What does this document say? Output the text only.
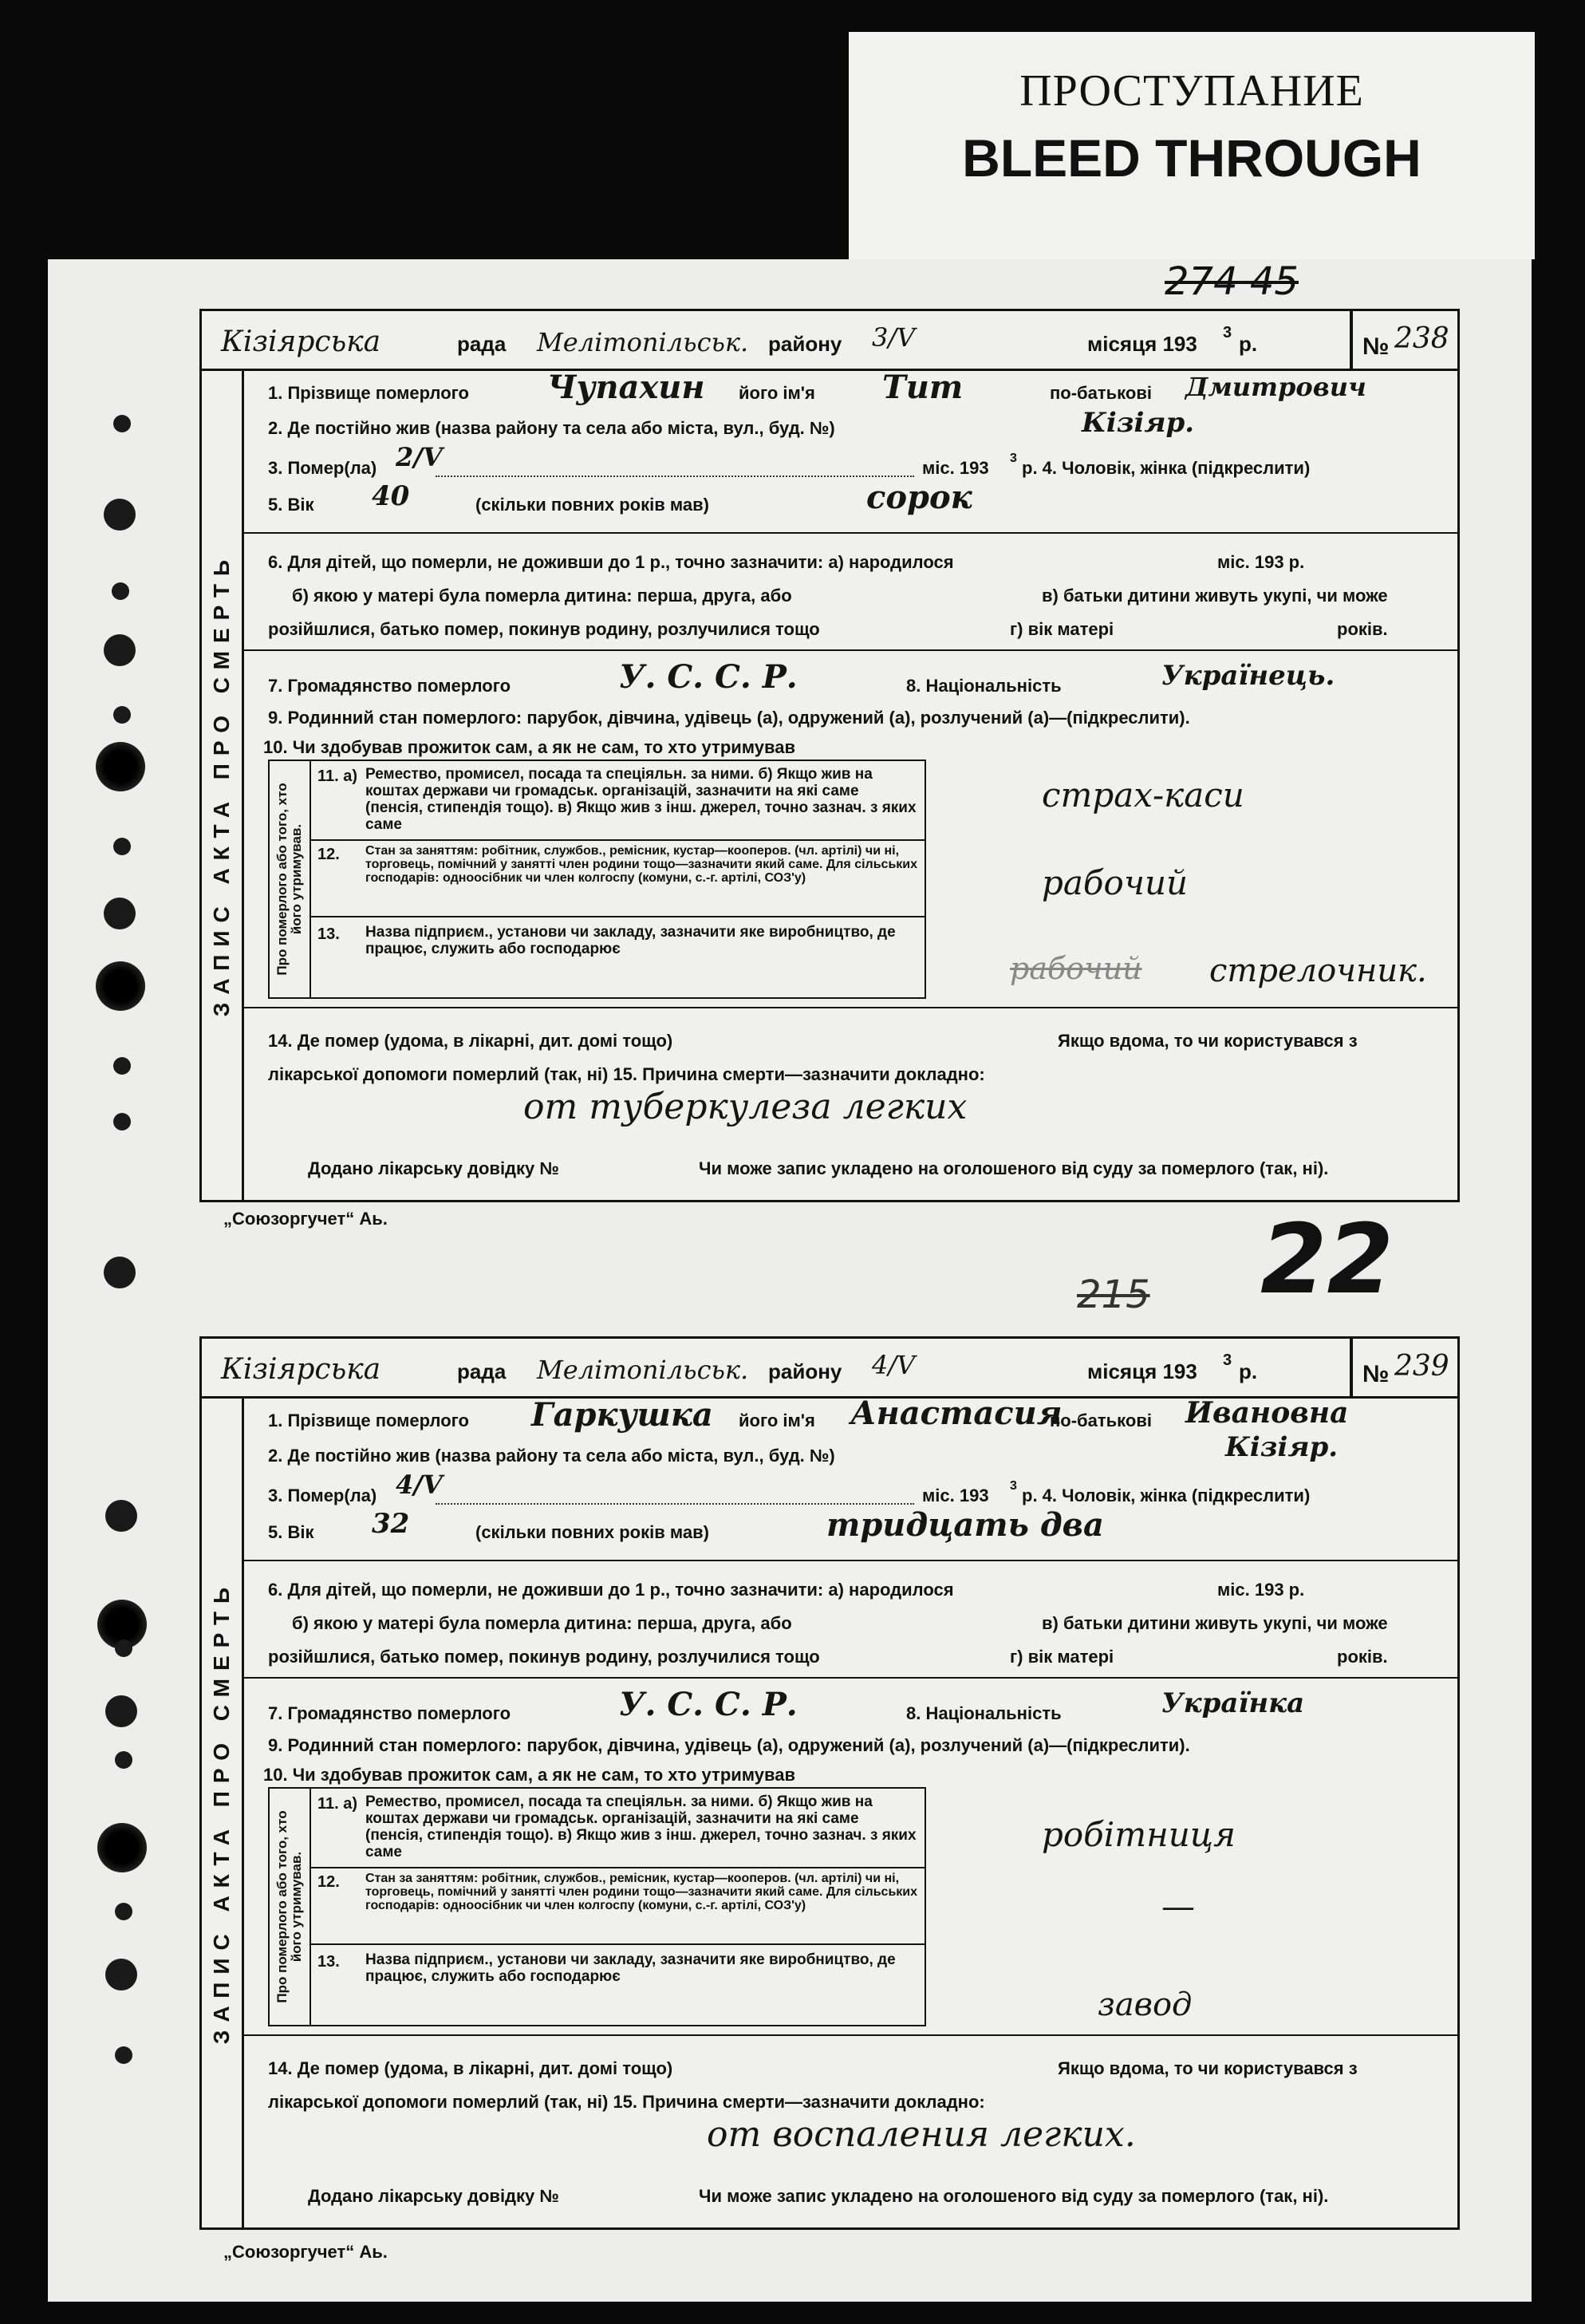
ПРОСТУПАНИЕ
BLEED THROUGH
274 45
215 22
Кізіярська	рада Мелітопільськ. району 3/V	місяця 193 3 р.	№ 238
ЗАПИС АКТА ПРО СМЕРТЬ
1. Прізвище померлого Чупахин його ім'я Тит	по-батькові Дмитрович
2. Де постійно жив (назва району та села або міста, вул., буд. №)	Кізіяр.
3. Помер(ла) 2/V	міс. 193 3 р. 4. Чоловік, жінка (підкреслити)
5. Вік 40	(скільки повних років мав)	сорок
6. Для дітей, що померли, не доживши до 1 р., точно зазначити: а) народилося	міс. 193 р.
б) якою у матері була померла дитина: перша, друга, або	в) батьки дитини живуть укупі, чи може
розійшлися, батько помер, покинув родину, розлучилися тощо	г) вік матері	років.
7. Громадянство померлого	У. С. С. Р.	8. Національність	Українець.
9. Родинний стан померлого: парубок, дівчина, удівець (а), одружений (а), розлучений (а)—(підкреслити).
10. Чи здобував прожиток сам, а як не сам, то хто утримував
Про померлого або того, хто його утримував.
11. а) Ремество, промисел, посада та спеціяльн. за ними. б) Якщо жив на коштах держави чи громадськ. організацій, зазначити на які саме (пенсія, стипендія тощо). в) Якщо жив з інш. джерел, точно зазнач. з яких саме
12. Стан за заняттям: робітник, службов., ремісник, кустар—кооперов. (чл. артілі) чи ні, торговець, помічний у занятті член родини тощо—зазначити який саме. Для сільських господарів: одноосібник чи член колгоспу (комуни, с.-г. артілі, СОЗ'у)
13. Назва підприєм., установи чи закладу, зазначити яке виробництво, де працює, служить або господарює
страх-каси
рабочий
рабочий стрелочник.
14. Де помер (удома, в лікарні, дит. домі тощо)	Якщо вдома, то чи користувався з
лікарської допомоги померлий (так, ні) 15. Причина смерти—зазначити докладно:
от туберкулеза легких
Додано лікарську довідку №	Чи може запис укладено на оголошеного від суду за померлого (так, ні).
„Союзоргучет“ Аь.
Кізіярська	рада Мелітопільськ. району 4/V	місяця 193 3 р.	№ 239
ЗАПИС АКТА ПРО СМЕРТЬ
1. Прізвище померлого Гаркушка його ім'я Анастасия
по-батькові Ивановна
2. Де постійно жив (назва району та села або міста, вул., буд. №)	Кізіяр.
3. Помер(ла) 4/V	міс. 193 3 р. 4. Чоловік, жінка (підкреслити)
5. Вік 32	(скільки повних років мав)	тридцать два
6. Для дітей, що померли, не доживши до 1 р., точно зазначити: а) народилося	міс. 193 р.
б) якою у матері була померла дитина: перша, друга, або	в) батьки дитини живуть укупі, чи може
розійшлися, батько помер, покинув родину, розлучилися тощо	г) вік матері	років.
7. Громадянство померлого	У. С. С. Р.	8. Національність	Українка
9. Родинний стан померлого: парубок, дівчина, удівець (а), одружений (а), розлучений (а)—(підкреслити).
10. Чи здобував прожиток сам, а як не сам, то хто утримував
Про померлого або того, хто його утримував.
11. а) Ремество, промисел, посада та спеціяльн. за ними. б) Якщо жив на коштах держави чи громадськ. організацій, зазначити на які саме (пенсія, стипендія тощо). в) Якщо жив з інш. джерел, точно зазнач. з яких саме
12. Стан за заняттям: робітник, службов., ремісник, кустар—кооперов. (чл. артілі) чи ні, торговець, помічний у занятті член родини тощо—зазначити який саме. Для сільських господарів: одноосібник чи член колгоспу (комуни, с.-г. артілі, СОЗ'у)
13. Назва підприєм., установи чи закладу, зазначити яке виробництво, де працює, служить або господарює
робітниця
—
завод
14. Де помер (удома, в лікарні, дит. домі тощо)	Якщо вдома, то чи користувався з
лікарської допомоги померлий (так, ні) 15. Причина смерти—зазначити докладно:
от воспаления легких.
Додано лікарську довідку №	Чи може запис укладено на оголошеного від суду за померлого (так, ні).
„Союзоргучет“ Аь.
